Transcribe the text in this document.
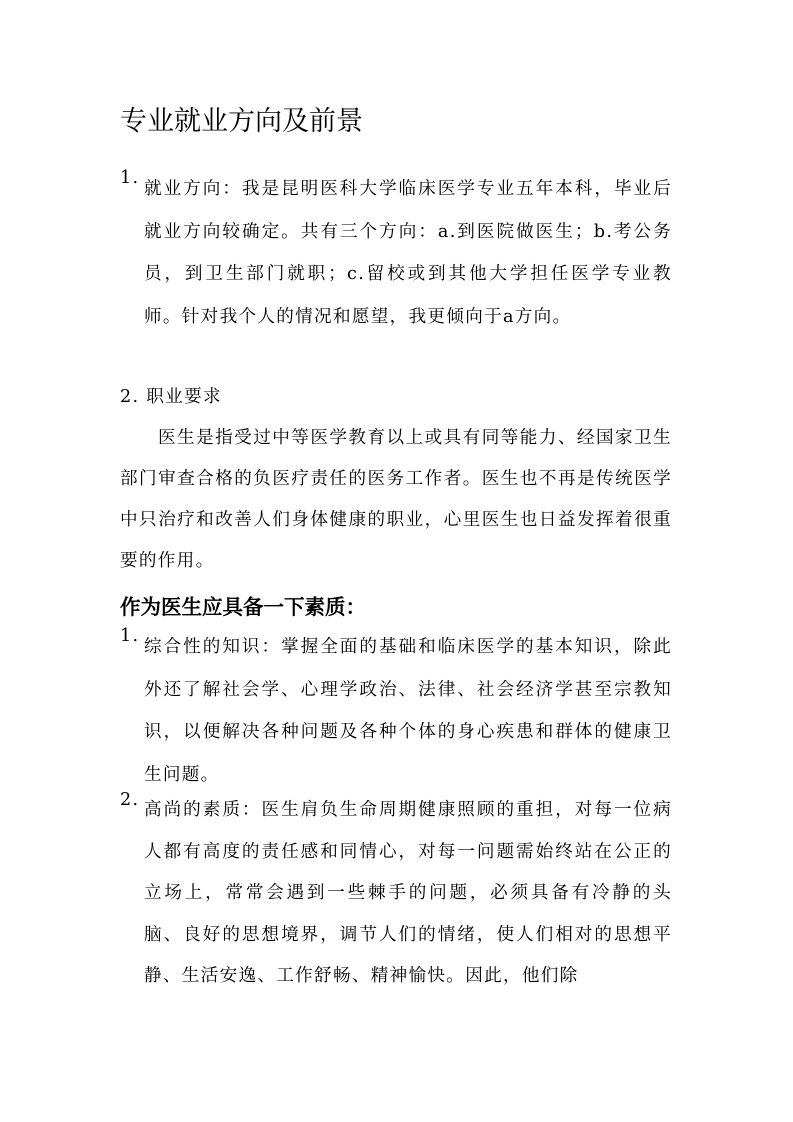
专业就业方向及前景
1.

就业方向：我是昆明医科大学临床医学专业五年本科，毕业后就业方向较确定。共有三个方向：a.到医院做医生；b.考公务员，到卫生部门就职；c.留校或到其他大学担任医学专业教师。针对我个人的情况和愿望，我更倾向于a方向。

2. 职业要求

医生是指受过中等医学教育以上或具有同等能力、经国家卫生部门审查合格的负医疗责任的医务工作者。医生也不再是传统医学中只治疗和改善人们身体健康的职业，心里医生也日益发挥着很重要的作用。

作为医生应具备一下素质：
1.

综合性的知识：掌握全面的基础和临床医学的基本知识，除此外还了解社会学、心理学政治、法律、社会经济学甚至宗教知识，以便解决各种问题及各种个体的身心疾患和群体的健康卫生问题。

2. 高尚的素质：医生肩负生命周期健康照顾的重担，对每一位病人都有高度的责任感和同情心，对每一问题需始终站在公正的立场上，常常会遇到一些棘手的问题，必须具备有冷静的头脑、良好的思想境界，调节人们的情绪，使人们相对的思想平静、生活安逸、工作舒畅、精神愉快。因此，他们除
